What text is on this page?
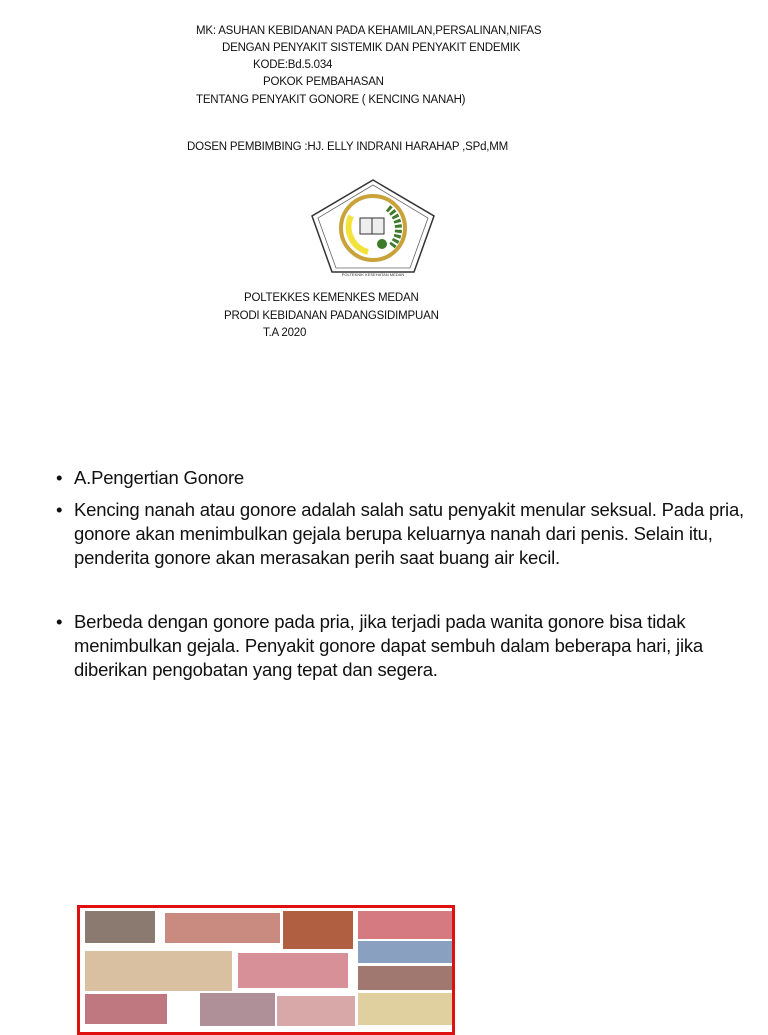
MK: ASUHAN KEBIDANAN PADA KEHAMILAN,PERSALINAN,NIFAS
DENGAN PENYAKIT SISTEMIK DAN PENYAKIT ENDEMIK
KODE:Bd.5.034
POKOK PEMBAHASAN
TENTANG PENYAKIT GONORE ( KENCING NANAH)
DOSEN PEMBIMBING :HJ. ELLY INDRANI HARAHAP ,SPd,MM
POLTEKNIK KESEHATAN MEDAN
POLTEKKES KEMENKES MEDAN
PRODI KEBIDANAN PADANGSIDIMPUAN
T.A 2020
• A.Pengertian Gonore
• Kencing nanah atau gonore adalah salah satu penyakit menular seksual. Pada pria, gonore akan menimbulkan gejala berupa keluarnya nanah dari penis. Selain itu, penderita gonore akan merasakan perih saat buang air kecil.
• Berbeda dengan gonore pada pria, jika terjadi pada wanita gonore bisa tidak menimbulkan gejala. Penyakit gonore dapat sembuh dalam beberapa hari, jika diberikan pengobatan yang tepat dan segera.
